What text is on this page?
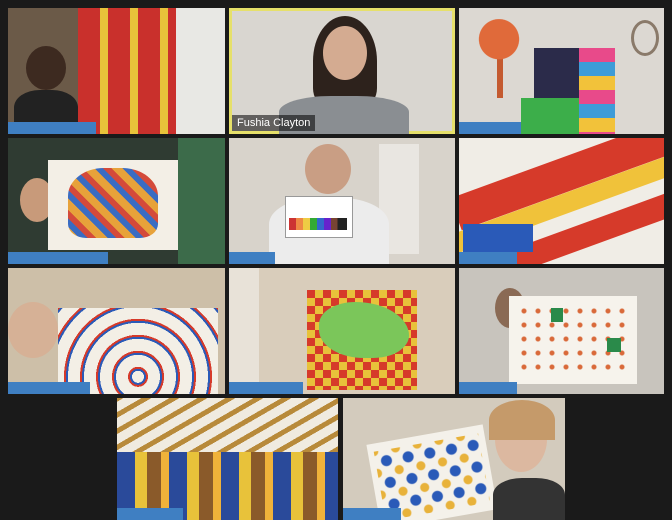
Fushia Clayton
